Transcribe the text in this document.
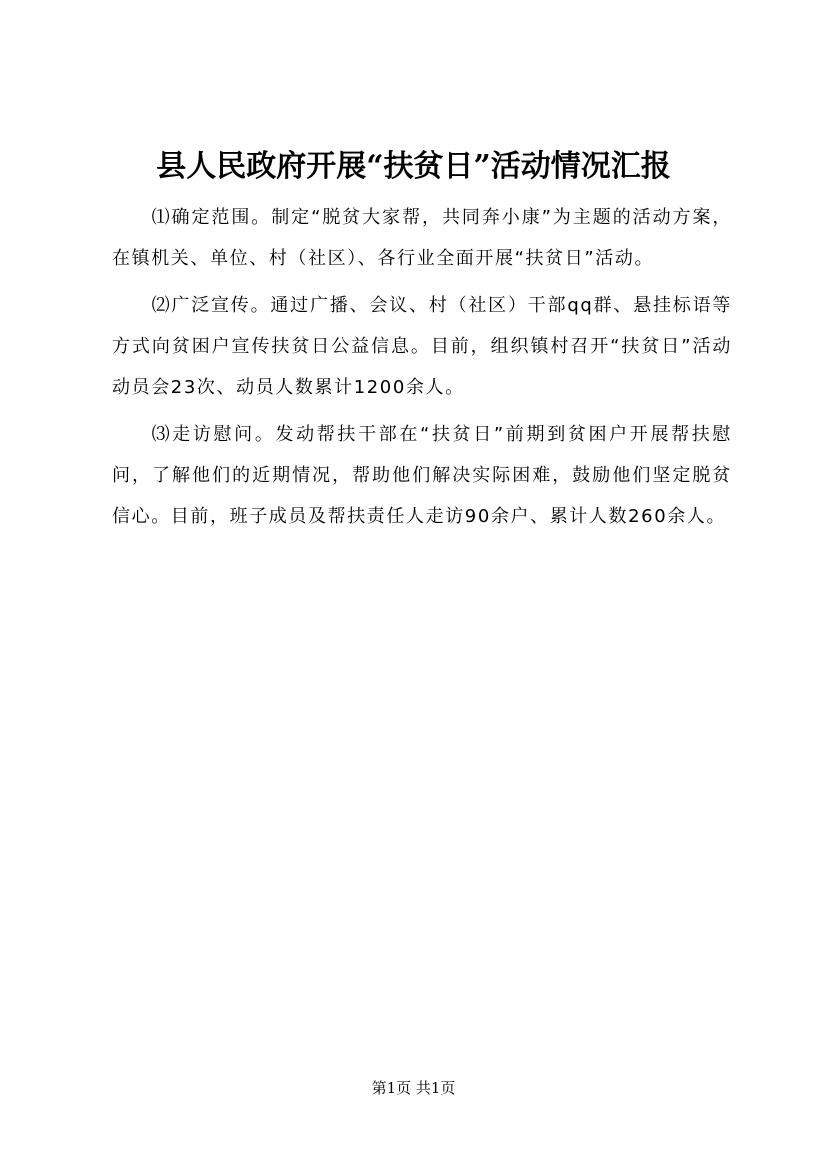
县人民政府开展“扶贫日”活动情况汇报

⑴确定范围。制定“脱贫大家帮，共同奔小康”为主题的活动方案，在镇机关、单位、村（社区）、各行业全面开展“扶贫日”活动。

⑵广泛宣传。通过广播、会议、村（社区）干部qq群、悬挂标语等方式向贫困户宣传扶贫日公益信息。目前，组织镇村召开“扶贫日”活动动员会23次、动员人数累计1200余人。

⑶走访慰问。发动帮扶干部在“扶贫日”前期到贫困户开展帮扶慰问，了解他们的近期情况，帮助他们解决实际困难，鼓励他们坚定脱贫信心。目前，班子成员及帮扶责任人走访90余户、累计人数260余人。

第1页 共1页
